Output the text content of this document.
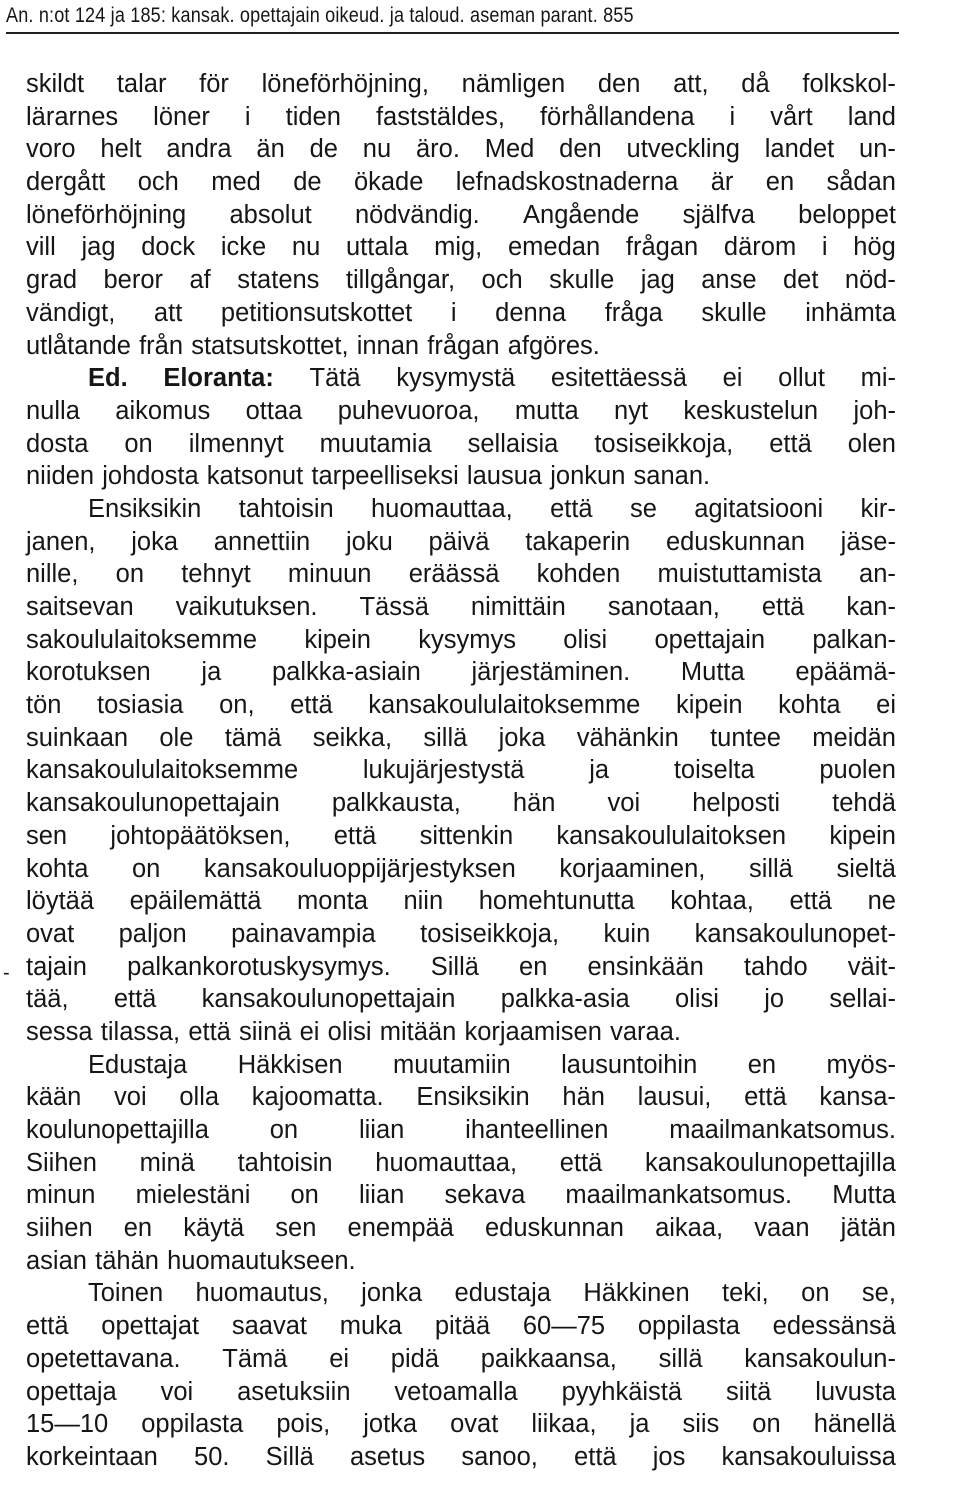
An. n:ot 124 ja 185: kansak. opettajain oikeud. ja taloud. aseman parant. 855
-
skildt talar för löneförhöjning, nämligen den att, då folkskol-
lärarnes löner i tiden faststäldes, förhållandena i vårt land
voro helt andra än de nu äro. Med den utveckling landet un-
dergått och med de ökade lefnadskostnaderna är en sådan
löneförhöjning absolut nödvändig. Angående själfva beloppet
vill jag dock icke nu uttala mig, emedan frågan därom i hög
grad beror af statens tillgångar, och skulle jag anse det nöd-
vändigt, att petitionsutskottet i denna fråga skulle inhämta
utlåtande från statsutskottet, innan frågan afgöres.
Ed. Eloranta: Tätä kysymystä esitettäessä ei ollut mi-
nulla aikomus ottaa puhevuoroa, mutta nyt keskustelun joh-
dosta on ilmennyt muutamia sellaisia tosiseikkoja, että olen
niiden johdosta katsonut tarpeelliseksi lausua jonkun sanan.
Ensiksikin tahtoisin huomauttaa, että se agitatsiooni kir-
janen, joka annettiin joku päivä takaperin eduskunnan jäse-
nille, on tehnyt minuun eräässä kohden muistuttamista an-
saitsevan vaikutuksen. Tässä nimittäin sanotaan, että kan-
sakoululaitoksemme kipein kysymys olisi opettajain palkan-
korotuksen ja palkka-asiain järjestäminen. Mutta epäämä-
tön tosiasia on, että kansakoululaitoksemme kipein kohta ei
suinkaan ole tämä seikka, sillä joka vähänkin tuntee meidän
kansakoululaitoksemme	lukujärjestystä	ja	toiselta	puolen
kansakoulunopettajain palkkausta, hän voi helposti tehdä
sen johtopäätöksen, että sittenkin kansakoululaitoksen kipein
kohta on kansakouluoppijärjestyksen korjaaminen, sillä sieltä
löytää epäilemättä monta niin homehtunutta kohtaa, että ne
ovat paljon painavampia tosiseikkoja, kuin kansakoulunopet-
tajain palkankorotuskysymys. Sillä en ensinkään tahdo väit-
tää, että kansakoulunopettajain palkka-asia olisi jo sellai-
sessa tilassa, että siinä ei olisi mitään korjaamisen varaa.
Edustaja Häkkisen muutamiin lausuntoihin en myös-
kään voi olla kajoomatta. Ensiksikin hän lausui, että kansa-
koulunopettajilla on liian ihanteellinen maailmankatsomus.
Siihen minä tahtoisin huomauttaa, että kansakoulunopettajilla
minun mielestäni on liian sekava maailmankatsomus. Mutta
siihen en käytä sen enempää eduskunnan aikaa, vaan jätän
asian tähän huomautukseen.
Toinen huomautus, jonka edustaja Häkkinen teki, on se,
että opettajat saavat muka pitää 60—75 oppilasta edessänsä
opetettavana. Tämä ei pidä paikkaansa, sillä kansakoulun-
opettaja voi asetuksiin vetoamalla pyyhkäistä siitä luvusta
15—10 oppilasta pois, jotka ovat liikaa, ja siis on hänellä
korkeintaan 50. Sillä asetus sanoo, että jos kansakouluissa
